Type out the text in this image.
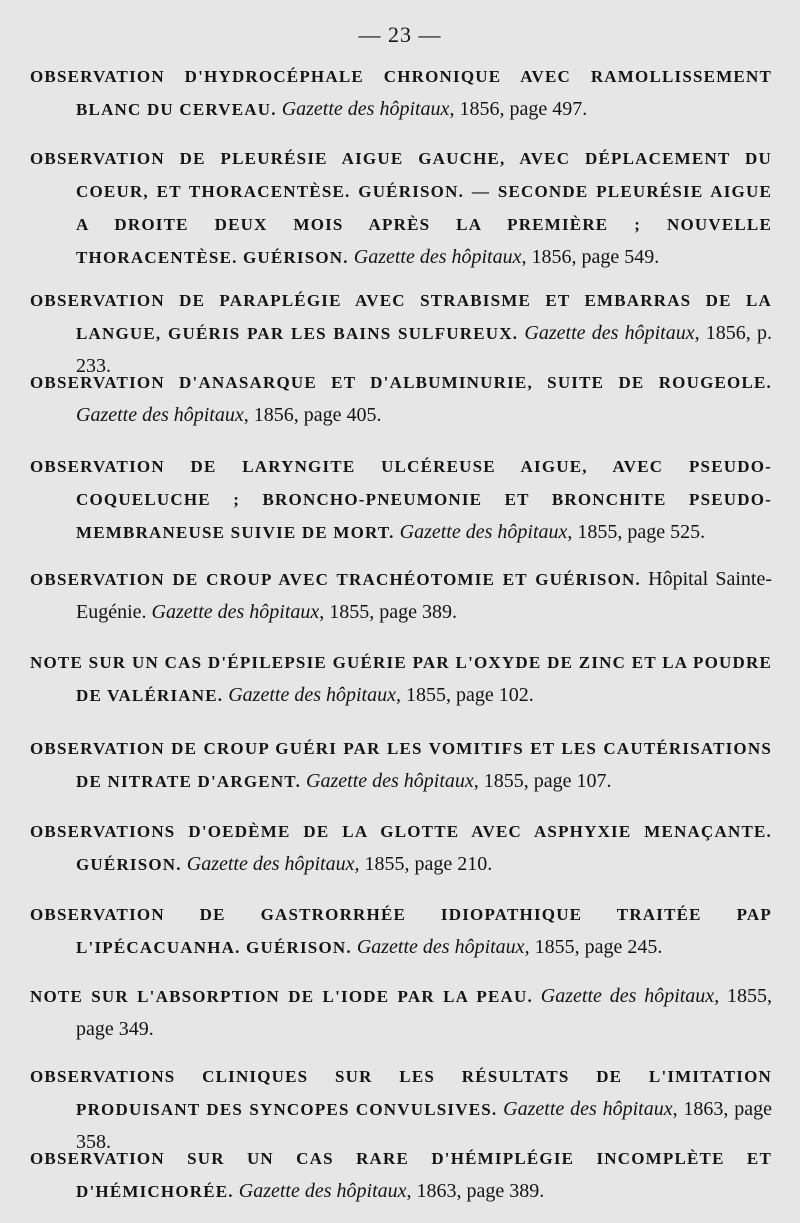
— 23 —
OBSERVATION D'HYDROCÉPHALE CHRONIQUE AVEC RAMOLLISSEMENT BLANC DU CERVEAU. Gazette des hôpitaux, 1856, page 497.
OBSERVATION DE PLEURÉSIE AIGUE GAUCHE, AVEC DÉPLACEMENT DU COEUR, ET THORACENTÈSE. GUÉRISON. — SECONDE PLEURÉSIE AIGUE A DROITE DEUX MOIS APRÈS LA PREMIÈRE ; NOUVELLE THORACENTÈSE. GUÉRISON. Gazette des hôpitaux, 1856, page 549.
OBSERVATION DE PARAPLÉGIE AVEC STRABISME ET EMBARRAS DE LA LANGUE, GUÉRIS PAR LES BAINS SULFUREUX. Gazette des hôpitaux, 1856, p. 233.
OBSERVATION D'ANASARQUE ET D'ALBUMINURIE, SUITE DE ROUGEOLE. Gazette des hôpitaux, 1856, page 405.
OBSERVATION DE LARYNGITE ULCÉREUSE AIGUE, AVEC PSEUDO-COQUELUCHE ; BRONCHO-PNEUMONIE ET BRONCHITE PSEUDO-MEMBRANEUSE SUIVIE DE MORT. Gazette des hôpitaux, 1855, page 525.
OBSERVATION DE CROUP AVEC TRACHÉOTOMIE ET GUÉRISON. Hôpital Sainte-Eugénie. Gazette des hôpitaux, 1855, page 389.
NOTE SUR UN CAS D'ÉPILEPSIE GUÉRIE PAR L'OXYDE DE ZINC ET LA POUDRE DE VALÉRIANE. Gazette des hôpitaux, 1855, page 102.
OBSERVATION DE CROUP GUÉRI PAR LES VOMITIFS ET LES CAUTÉRISATIONS DE NITRATE D'ARGENT. Gazette des hôpitaux, 1855, page 107.
OBSERVATIONS D'OEDÈME DE LA GLOTTE AVEC ASPHYXIE MENAÇANTE. GUÉRISON. Gazette des hôpitaux, 1855, page 210.
OBSERVATION DE GASTRORRHÉE IDIOPATHIQUE TRAITÉE PAP L'IPÉCACUANHA. GUÉRISON. Gazette des hôpitaux, 1855, page 245.
NOTE SUR L'ABSORPTION DE L'IODE PAR LA PEAU. Gazette des hôpitaux, 1855, page 349.
OBSERVATIONS CLINIQUES SUR LES RÉSULTATS DE L'IMITATION PRODUISANT DES SYNCOPES CONVULSIVES. Gazette des hôpitaux, 1863, page 358.
OBSERVATION SUR UN CAS RARE D'HÉMIPLÉGIE INCOMPLÈTE ET D'HÉMICHORÉE. Gazette des hôpitaux, 1863, page 389.
